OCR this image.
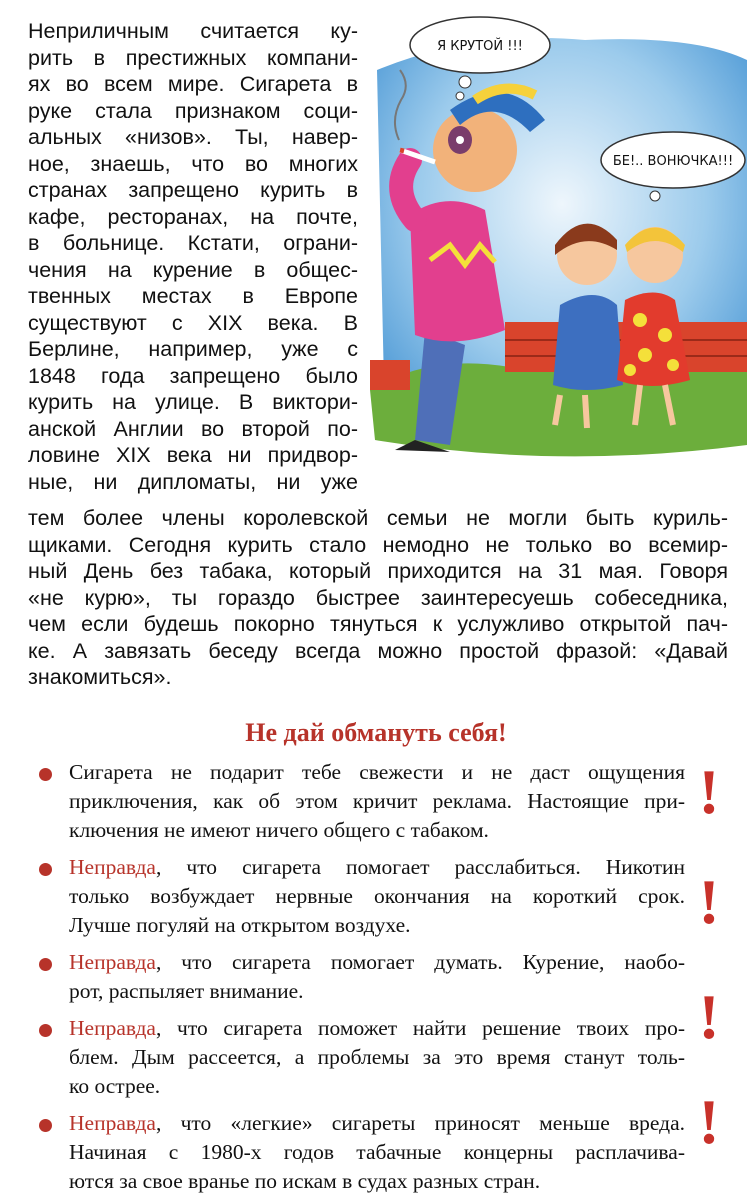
Неприличным считается ку-
рить в престижных компани-
ях во всем мире. Сигарета в
руке стала признаком соци-
альных «низов». Ты, навер-
ное, знаешь, что во многих
странах запрещено курить в
кафе, ресторанах, на почте,
в больнице. Кстати, ограни-
чения на курение в общес-
твенных местах в Европе
существуют с XIX века. В
Берлине, например, уже с
1848 года запрещено было
курить на улице. В виктори-
анской Англии во второй по-
ловине XIX века ни придвор-
ные, ни дипломаты, ни уже
Я КРУТОЙ !!!
БЕ!.. ВОНЮЧКА!!!
тем более члены королевской семьи не могли быть куриль-
щиками. Сегодня курить стало немодно не только во всемир-
ный День без табака, который приходится на 31 мая. Говоря
«не курю», ты гораздо быстрее заинтересуешь собеседника,
чем если будешь покорно тянуться к услужливо открытой пач-
ке. А завязать беседу всегда можно простой фразой: «Давай
знакомиться».
Не дай обмануть себя!
Сигарета не подарит тебе свежести и не даст ощущения
приключения, как об этом кричит реклама. Настоящие при-
ключения не имеют ничего общего с табаком.
Неправда, что сигарета помогает расслабиться. Никотин
только возбуждает нервные окончания на короткий срок.
Лучше погуляй на открытом воздухе.
Неправда, что сигарета помогает думать. Курение, наобо-
рот, распыляет внимание.
Неправда, что сигарета поможет найти решение твоих про-
блем. Дым рассеется, а проблемы за это время станут толь-
ко острее.
Неправда, что «легкие» сигареты приносят меньше вреда.
Начиная с 1980-х годов табачные концерны расплачива-
ются за свое вранье по искам в судах разных стран.
!
!
!
!
